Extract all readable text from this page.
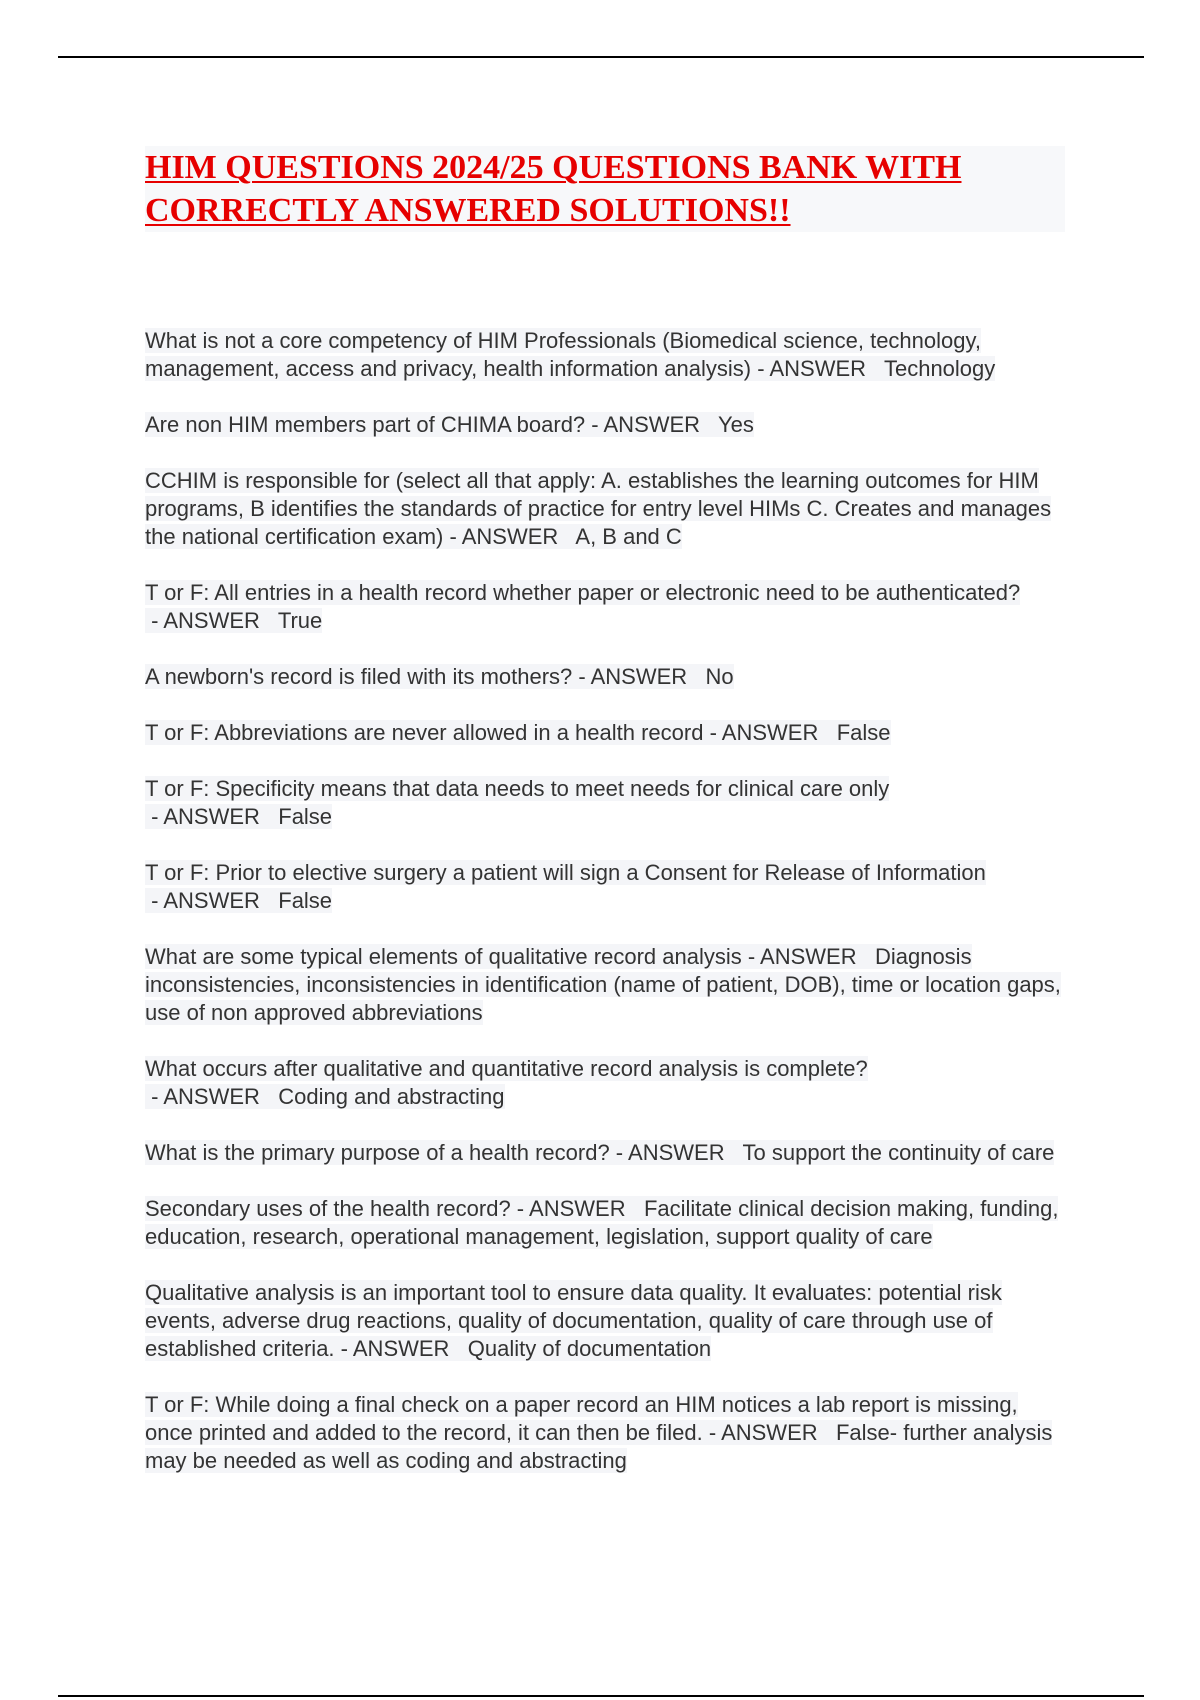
HIM QUESTIONS 2024/25 QUESTIONS BANK WITH CORRECTLY ANSWERED SOLUTIONS!!

What is not a core competency of HIM Professionals (Biomedical science, technology, management, access and privacy, health information analysis) - ANSWER   Technology

Are non HIM members part of CHIMA board? - ANSWER   Yes

CCHIM is responsible for (select all that apply: A. establishes the learning outcomes for HIM programs, B identifies the standards of practice for entry level HIMs C. Creates and manages the national certification exam) - ANSWER   A, B and C

T or F: All entries in a health record whether paper or electronic need to be authenticated? - ANSWER   True

A newborn's record is filed with its mothers? - ANSWER   No

T or F: Abbreviations are never allowed in a health record - ANSWER   False

T or F: Specificity means that data needs to meet needs for clinical care only - ANSWER   False

T or F: Prior to elective surgery a patient will sign a Consent for Release of Information - ANSWER   False

What are some typical elements of qualitative record analysis - ANSWER   Diagnosis inconsistencies, inconsistencies in identification (name of patient, DOB), time or location gaps, use of non approved abbreviations

What occurs after qualitative and quantitative record analysis is complete? - ANSWER   Coding and abstracting

What is the primary purpose of a health record? - ANSWER   To support the continuity of care

Secondary uses of the health record? - ANSWER   Facilitate clinical decision making, funding, education, research, operational management, legislation, support quality of care

Qualitative analysis is an important tool to ensure data quality. It evaluates: potential risk events, adverse drug reactions, quality of documentation, quality of care through use of established criteria. - ANSWER   Quality of documentation

T or F: While doing a final check on a paper record an HIM notices a lab report is missing, once printed and added to the record, it can then be filed. - ANSWER   False- further analysis may be needed as well as coding and abstracting
